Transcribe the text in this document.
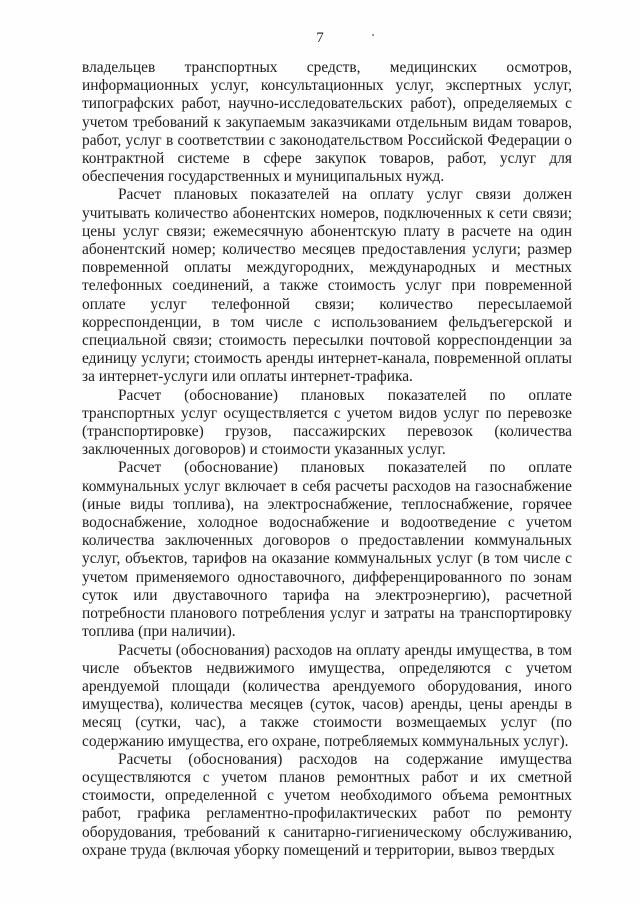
7

владельцев транспортных средств, медицинских осмотров, информационных услуг, консультационных услуг, экспертных услуг, типографских работ, научно-исследовательских работ), определяемых с учетом требований к закупаемым заказчиками отдельным видам товаров, работ, услуг в соответствии с законодательством Российской Федерации о контрактной системе в сфере закупок товаров, работ, услуг для обеспечения государственных и муниципальных нужд.

Расчет плановых показателей на оплату услуг связи должен учитывать количество абонентских номеров, подключенных к сети связи; цены услуг связи; ежемесячную абонентскую плату в расчете на один абонентский номер; количество месяцев предоставления услуги; размер повременной оплаты междугородних, международных и местных телефонных соединений, а также стоимость услуг при повременной оплате услуг телефонной связи; количество пересылаемой корреспонденции, в том числе с использованием фельдъегерской и специальной связи; стоимость пересылки почтовой корреспонденции за единицу услуги; стоимость аренды интернет-канала, повременной оплаты за интернет-услуги или оплаты интернет-трафика.

Расчет (обоснование) плановых показателей по оплате транспортных услуг осуществляется с учетом видов услуг по перевозке (транспортировке) грузов, пассажирских перевозок (количества заключенных договоров) и стоимости указанных услуг.

Расчет (обоснование) плановых показателей по оплате коммунальных услуг включает в себя расчеты расходов на газоснабжение (иные виды топлива), на электроснабжение, теплоснабжение, горячее водоснабжение, холодное водоснабжение и водоотведение с учетом количества заключенных договоров о предоставлении коммунальных услуг, объектов, тарифов на оказание коммунальных услуг (в том числе с учетом применяемого одноставочного, дифференцированного по зонам суток или двуставочного тарифа на электроэнергию), расчетной потребности планового потребления услуг и затраты на транспортировку топлива (при наличии).

Расчеты (обоснования) расходов на оплату аренды имущества, в том числе объектов недвижимого имущества, определяются с учетом арендуемой площади (количества арендуемого оборудования, иного имущества), количества месяцев (суток, часов) аренды, цены аренды в месяц (сутки, час), а также стоимости возмещаемых услуг (по содержанию имущества, его охране, потребляемых коммунальных услуг).

Расчеты (обоснования) расходов на содержание имущества осуществляются с учетом планов ремонтных работ и их сметной стоимости, определенной с учетом необходимого объема ремонтных работ, графика регламентно-профилактических работ по ремонту оборудования, требований к санитарно-гигиеническому обслуживанию, охране труда (включая уборку помещений и территории, вывоз твердых
